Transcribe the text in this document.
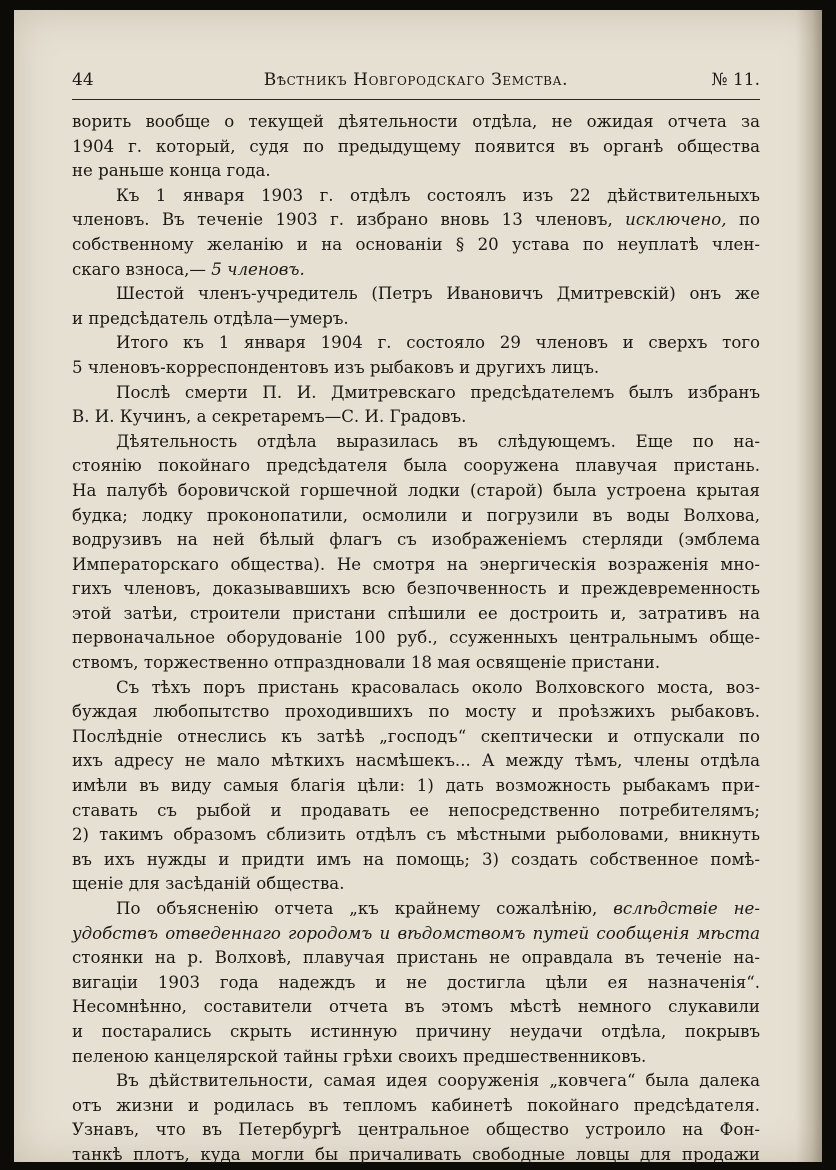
44	Вѣстникъ Новгородскаго Земства.	№ 11.
ворить вообще о текущей дѣятельности отдѣла, не ожидая отчета за
1904 г. который, судя по предыдущему появится въ органѣ общества
не раньше конца года.
Къ 1 января 1903 г. отдѣлъ состоялъ изъ 22 дѣйствительныхъ
членовъ. Въ теченіе 1903 г. избрано вновь 13 членовъ, исключено, по
собственному желанію и на основаніи § 20 устава по неуплатѣ член-
скаго взноса,— 5 членовъ.
Шестой членъ-учредитель (Петръ Ивановичъ Дмитревскій) онъ же
и предсѣдатель отдѣла—умеръ.
Итого къ 1 января 1904 г. состояло 29 членовъ и сверхъ того
5 членовъ-корреспондентовъ изъ рыбаковъ и другихъ лицъ.
Послѣ смерти П. И. Дмитревскаго предсѣдателемъ былъ избранъ
В. И. Кучинъ, а секретаремъ—С. И. Градовъ.
Дѣятельность отдѣла выразилась въ слѣдующемъ. Еще по на-
стоянію покойнаго предсѣдателя была сооружена плавучая пристань.
На палубѣ боровичской горшечной лодки (старой) была устроена крытая
будка; лодку проконопатили, осмолили и погрузили въ воды Волхова,
водрузивъ на ней бѣлый флагъ съ изображеніемъ стерляди (эмблема
Императорскаго общества). Не смотря на энергическія возраженія мно-
гихъ членовъ, доказывавшихъ всю безпочвенность и преждевременность
этой затѣи, строители пристани спѣшили ее достроить и, затративъ на
первоначальное оборудованіе 100 руб., ссуженныхъ центральнымъ обще-
ствомъ, торжественно отпраздновали 18 мая освященіе пристани.
Съ тѣхъ поръ пристань красовалась около Волховского моста, воз-
буждая любопытство проходившихъ по мосту и проѣзжихъ рыбаковъ.
Послѣдніе отнеслись къ затѣѣ „господъ“ скептически и отпускали по
ихъ адресу не мало мѣткихъ насмѣшекъ... А между тѣмъ, члены отдѣла
имѣли въ виду самыя благія цѣли: 1) дать возможность рыбакамъ при-
ставать съ рыбой и продавать ее непосредственно потребителямъ;
2) такимъ образомъ сблизить отдѣлъ съ мѣстными рыболовами, вникнуть
въ ихъ нужды и придти имъ на помощь; 3) создать собственное помѣ-
щеніе для засѣданій общества.
По объясненію отчета „къ крайнему сожалѣнію, вслѣдствіе не-
удобствъ отведеннаго городомъ и вѣдомствомъ путей сообщенія мѣста
стоянки на р. Волховѣ, плавучая пристань не оправдала въ теченіе на-
вигаціи 1903 года надеждъ и не достигла цѣли ея назначенія“.
Несомнѣнно, составители отчета въ этомъ мѣстѣ немного слукавили
и постарались скрыть истинную причину неудачи отдѣла, покрывъ
пеленою канцелярской тайны грѣхи своихъ предшественниковъ.
Въ дѣйствительности, самая идея сооруженія „ковчега“ была далека
отъ жизни и родилась въ тепломъ кабинетѣ покойнаго предсѣдателя.
Узнавъ, что въ Петербургѣ центральное общество устроило на Фон-
танкѣ плотъ, куда могли бы причаливать свободные ловцы для продажи
